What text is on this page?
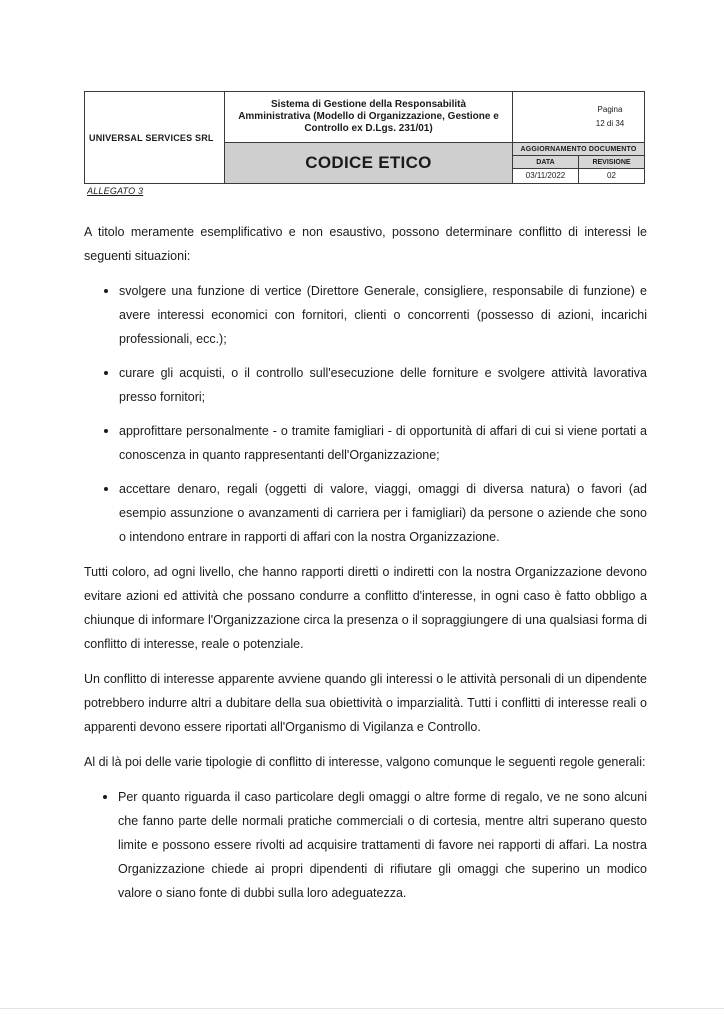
UNIVERSAL SERVICES SRL
Sistema di Gestione della Responsabilità Amministrativa (Modello di Organizzazione, Gestione e Controllo ex D.Lgs. 231/01)
Pagina
12 di 34
CODICE ETICO
AGGIORNAMENTO DOCUMENTO
DATA	REVISIONE
03/11/2022	02
ALLEGATO 3

A titolo meramente esemplificativo e non esaustivo, possono determinare conflitto di interessi le seguenti situazioni:

svolgere una funzione di vertice (Direttore Generale, consigliere, responsabile di funzione) e avere interessi economici con fornitori, clienti o concorrenti (possesso di azioni, incarichi professionali, ecc.);
curare gli acquisti, o il controllo sull'esecuzione delle forniture e svolgere attività lavorativa presso fornitori;
approfittare personalmente - o tramite famigliari - di opportunità di affari di cui si viene portati a conoscenza in quanto rappresentanti dell'Organizzazione;
accettare denaro, regali (oggetti di valore, viaggi, omaggi di diversa natura) o favori (ad esempio assunzione o avanzamenti di carriera per i famigliari) da persone o aziende che sono o intendono entrare in rapporti di affari con la nostra Organizzazione.

Tutti coloro, ad ogni livello, che hanno rapporti diretti o indiretti con la nostra Organizzazione devono evitare azioni ed attività che possano condurre a conflitto d'interesse, in ogni caso è fatto obbligo a chiunque di informare l'Organizzazione circa la presenza o il sopraggiungere di una qualsiasi forma di conflitto di interesse, reale o potenziale.

Un conflitto di interesse apparente avviene quando gli interessi o le attività personali di un dipendente potrebbero indurre altri a dubitare della sua obiettività o imparzialità. Tutti i conflitti di interesse reali o apparenti devono essere riportati all'Organismo di Vigilanza e Controllo.

Al di là poi delle varie tipologie di conflitto di interesse, valgono comunque le seguenti regole generali:

Per quanto riguarda il caso particolare degli omaggi o altre forme di regalo, ve ne sono alcuni che fanno parte delle normali pratiche commerciali o di cortesia, mentre altri superano questo limite e possono essere rivolti ad acquisire trattamenti di favore nei rapporti di affari. La nostra Organizzazione chiede ai propri dipendenti di rifiutare gli omaggi che superino un modico valore o siano fonte di dubbi sulla loro adeguatezza.
